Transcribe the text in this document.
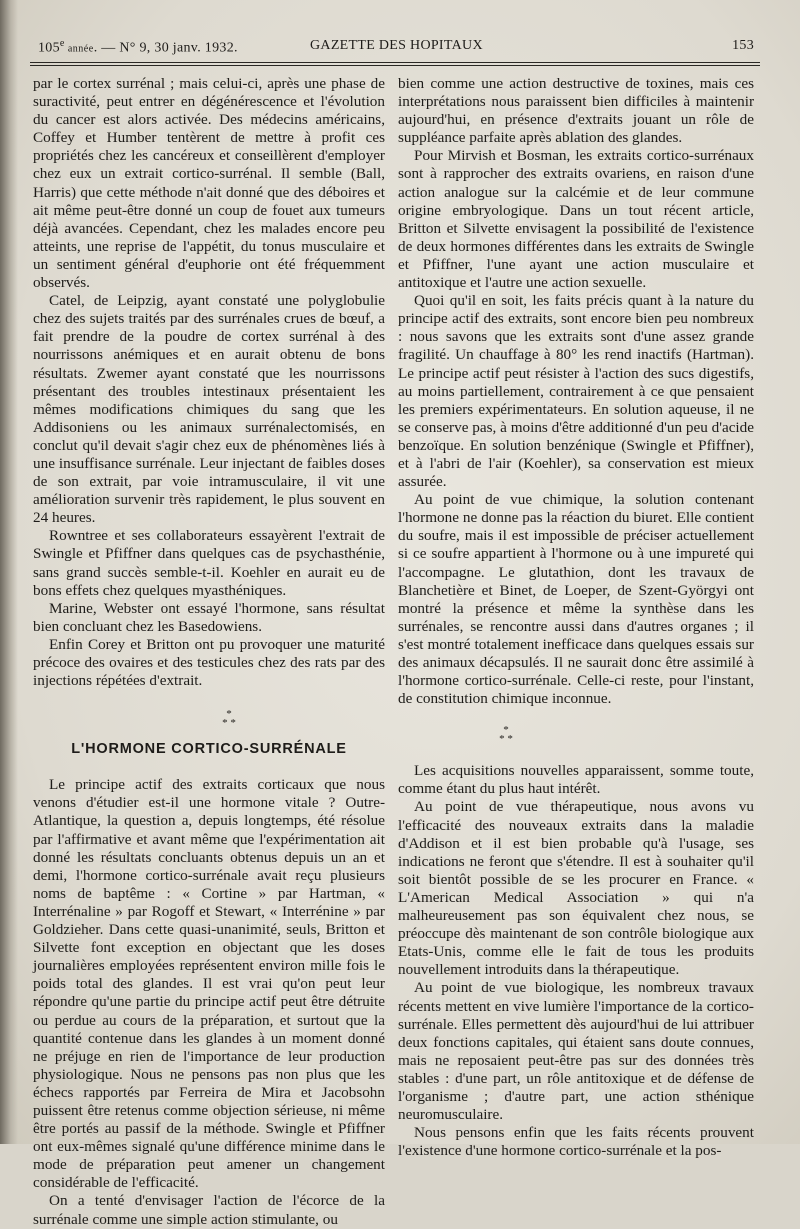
105e année. — N° 9, 30 janv. 1932.	GAZETTE DES HOPITAUX	153

par le cortex surrénal ; mais celui-ci, après une phase de suractivité, peut entrer en dégénérescence et l'évolution du cancer est alors activée. Des médecins américains, Coffey et Humber tentèrent de mettre à profit ces propriétés chez les cancéreux et conseillèrent d'employer chez eux un extrait cortico-surrénal. Il semble (Ball, Harris) que cette méthode n'ait donné que des déboires et ait même peut-être donné un coup de fouet aux tumeurs déjà avancées. Cependant, chez les malades encore peu atteints, une reprise de l'appétit, du tonus musculaire et un sentiment général d'euphorie ont été fréquemment observés.

Catel, de Leipzig, ayant constaté une polyglobulie chez des sujets traités par des surrénales crues de bœuf, a fait prendre de la poudre de cortex surrénal à des nourrissons anémiques et en aurait obtenu de bons résultats. Zwemer ayant constaté que les nourrissons présentant des troubles intestinaux présentaient les mêmes modifications chimiques du sang que les Addisoniens ou les animaux surrénalectomisés, en conclut qu'il devait s'agir chez eux de phénomènes liés à une insuffisance surrénale. Leur injectant de faibles doses de son extrait, par voie intramusculaire, il vit une amélioration survenir très rapidement, le plus souvent en 24 heures.

Rowntree et ses collaborateurs essayèrent l'extrait de Swingle et Pfiffner dans quelques cas de psychasthénie, sans grand succès semble-t-il. Koehler en aurait eu de bons effets chez quelques myasthéniques.

Marine, Webster ont essayé l'hormone, sans résultat bien concluant chez les Basedowiens.

Enfin Corey et Britton ont pu provoquer une maturité précoce des ovaires et des testicules chez des rats par des injections répétées d'extrait.

*
* *
L'HORMONE CORTICO-SURRÉNALE

Le principe actif des extraits corticaux que nous venons d'étudier est-il une hormone vitale ? Outre-Atlantique, la question a, depuis longtemps, été résolue par l'affirmative et avant même que l'expérimentation ait donné les résultats concluants obtenus depuis un an et demi, l'hormone cortico-surrénale avait reçu plusieurs noms de baptême : « Cortine » par Hartman, « Interrénaline » par Rogoff et Stewart, « Interrénine » par Goldzieher. Dans cette quasi-unanimité, seuls, Britton et Silvette font exception en objectant que les doses journalières employées représentent environ mille fois le poids total des glandes. Il est vrai qu'on peut leur répondre qu'une partie du principe actif peut être détruite ou perdue au cours de la préparation, et surtout que la quantité contenue dans les glandes à un moment donné ne préjuge en rien de l'importance de leur production physiologique. Nous ne pensons pas non plus que les échecs rapportés par Ferreira de Mira et Jacobsohn puissent être retenus comme objection sérieuse, ni même être portés au passif de la méthode. Swingle et Pfiffner ont eux-mêmes signalé qu'une différence minime dans le mode de préparation peut amener un changement considérable de l'efficacité.

On a tenté d'envisager l'action de l'écorce de la surrénale comme une simple action stimulante, ou

bien comme une action destructive de toxines, mais ces interprétations nous paraissent bien difficiles à maintenir aujourd'hui, en présence d'extraits jouant un rôle de suppléance parfaite après ablation des glandes.

Pour Mirvish et Bosman, les extraits cortico-surrénaux sont à rapprocher des extraits ovariens, en raison d'une action analogue sur la calcémie et de leur commune origine embryologique. Dans un tout récent article, Britton et Silvette envisagent la possibilité de l'existence de deux hormones différentes dans les extraits de Swingle et Pfiffner, l'une ayant une action musculaire et antitoxique et l'autre une action sexuelle.

Quoi qu'il en soit, les faits précis quant à la nature du principe actif des extraits, sont encore bien peu nombreux : nous savons que les extraits sont d'une assez grande fragilité. Un chauffage à 80° les rend inactifs (Hartman). Le principe actif peut résister à l'action des sucs digestifs, au moins partiellement, contrairement à ce que pensaient les premiers expérimentateurs. En solution aqueuse, il ne se conserve pas, à moins d'être additionné d'un peu d'acide benzoïque. En solution benzénique (Swingle et Pfiffner), et à l'abri de l'air (Koehler), sa conservation est mieux assurée.

Au point de vue chimique, la solution contenant l'hormone ne donne pas la réaction du biuret. Elle contient du soufre, mais il est impossible de préciser actuellement si ce soufre appartient à l'hormone ou à une impureté qui l'accompagne. Le glutathion, dont les travaux de Blanchetière et Binet, de Loeper, de Szent-Györgyi ont montré la présence et même la synthèse dans les surrénales, se rencontre aussi dans d'autres organes ; il s'est montré totalement inefficace dans quelques essais sur des animaux décapsulés. Il ne saurait donc être assimilé à l'hormone cortico-surrénale. Celle-ci reste, pour l'instant, de constitution chimique inconnue.

*
* *

Les acquisitions nouvelles apparaissent, somme toute, comme étant du plus haut intérêt.

Au point de vue thérapeutique, nous avons vu l'efficacité des nouveaux extraits dans la maladie d'Addison et il est bien probable qu'à l'usage, ses indications ne feront que s'étendre. Il est à souhaiter qu'il soit bientôt possible de se les procurer en France. « L'American Medical Association » qui n'a malheureusement pas son équivalent chez nous, se préoccupe dès maintenant de son contrôle biologique aux Etats-Unis, comme elle le fait de tous les produits nouvellement introduits dans la thérapeutique.

Au point de vue biologique, les nombreux travaux récents mettent en vive lumière l'importance de la cortico-surrénale. Elles permettent dès aujourd'hui de lui attribuer deux fonctions capitales, qui étaient sans doute connues, mais ne reposaient peut-être pas sur des données très stables : d'une part, un rôle antitoxique et de défense de l'organisme ; d'autre part, une action sthénique neuromusculaire.

Nous pensons enfin que les faits récents prouvent l'existence d'une hormone cortico-surrénale et la pos-
